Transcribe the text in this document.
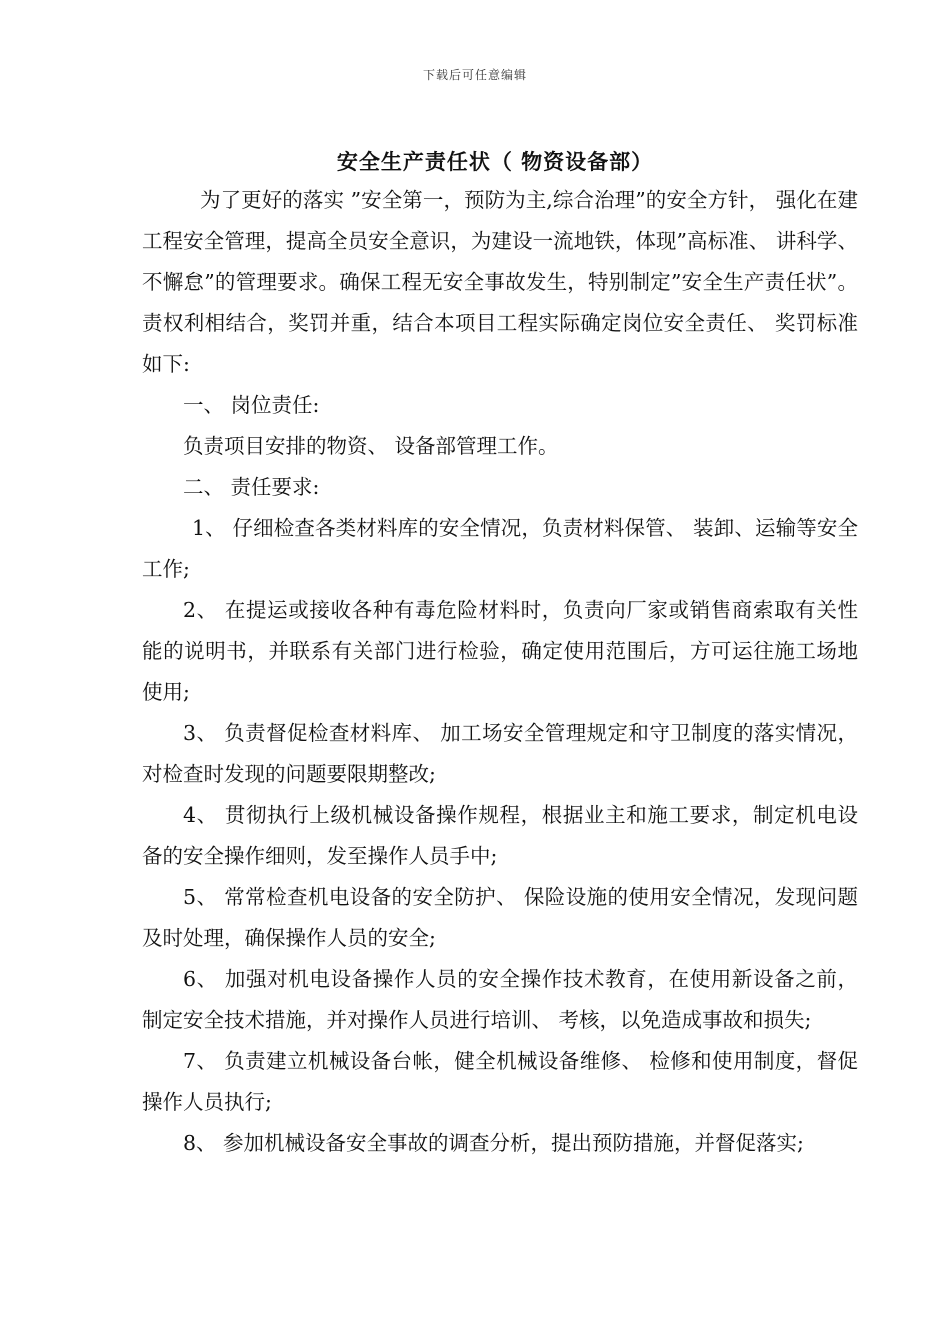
下载后可任意编辑
安全生产责任状（ 物资设备部）

为了更好的落实 ”安全第一，预防为主,综合治理”的安全方针， 强化在建工程安全管理，提高全员安全意识，为建设一流地铁，体现”高标准、 讲科学、 不懈怠”的管理要求。确保工程无安全事故发生，特别制定”安全生产责任状”。责权利相结合，奖罚并重，结合本项目工程实际确定岗位安全责任、 奖罚标准如下:

一、 岗位责任:

负责项目安排的物资、 设备部管理工作。

二、 责任要求:

1、 仔细检查各类材料库的安全情况，负责材料保管、 装卸、运输等安全工作;

2、 在提运或接收各种有毒危险材料时，负责向厂家或销售商索取有关性能的说明书，并联系有关部门进行检验，确定使用范围后，方可运往施工场地使用;

3、 负责督促检查材料库、 加工场安全管理规定和守卫制度的落实情况，对检查时发现的问题要限期整改;

4、 贯彻执行上级机械设备操作规程，根据业主和施工要求，制定机电设备的安全操作细则，发至操作人员手中;

5、 常常检查机电设备的安全防护、 保险设施的使用安全情况，发现问题及时处理，确保操作人员的安全;

6、 加强对机电设备操作人员的安全操作技术教育，在使用新设备之前，制定安全技术措施，并对操作人员进行培训、 考核，以免造成事故和损失;

7、 负责建立机械设备台帐，健全机械设备维修、 检修和使用制度，督促操作人员执行;

8、 参加机械设备安全事故的调查分析，提出预防措施，并督促落实;
